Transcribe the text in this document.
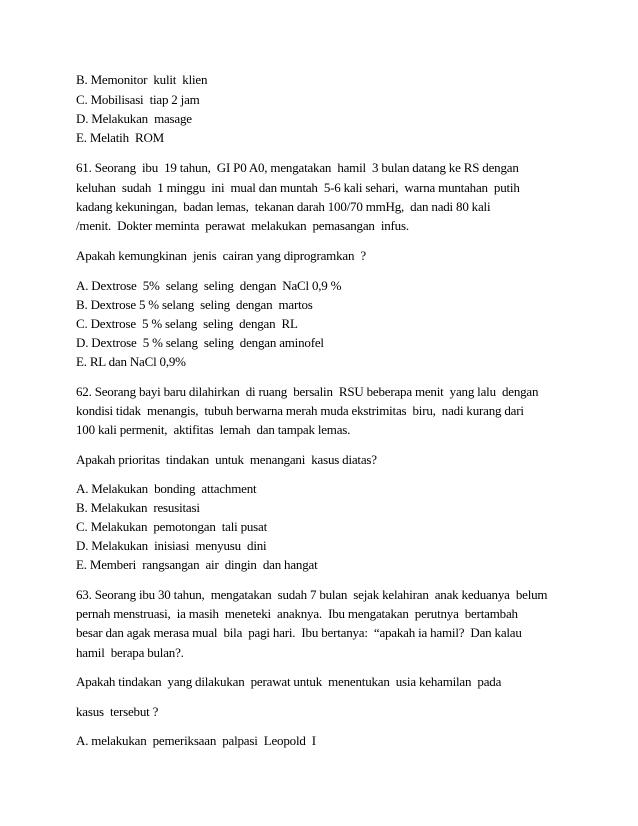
B. Memonitor  kulit  klien
C. Mobilisasi  tiap 2 jam
D. Melakukan  masage
E. Melatih  ROM
61. Seorang  ibu  19 tahun,  GI P0 A0, mengatakan  hamil  3 bulan datang ke RS dengan
keluhan  sudah  1 minggu  ini  mual dan muntah  5-6 kali sehari,  warna muntahan  putih
kadang kekuningan,  badan lemas,  tekanan darah 100/70 mmHg,  dan nadi 80 kali
/menit.  Dokter meminta  perawat  melakukan  pemasangan  infus.
Apakah kemungkinan  jenis  cairan yang diprogramkan  ?
A. Dextrose  5%  selang  seling  dengan  NaCl 0,9 %
B. Dextrose 5 % selang  seling  dengan  martos
C. Dextrose  5 % selang  seling  dengan  RL
D. Dextrose  5 % selang  seling  dengan aminofel
E. RL dan NaCl 0,9%
62. Seorang bayi baru dilahirkan  di ruang  bersalin  RSU beberapa menit  yang lalu  dengan
kondisi tidak  menangis,  tubuh berwarna merah muda ekstrimitas  biru,  nadi kurang dari
100 kali permenit,  aktifitas  lemah  dan tampak lemas.
Apakah prioritas  tindakan  untuk  menangani  kasus diatas?
A. Melakukan  bonding  attachment
B. Melakukan  resusitasi
C. Melakukan  pemotongan  tali pusat
D. Melakukan  inisiasi  menyusu  dini
E. Memberi  rangsangan  air  dingin  dan hangat
63. Seorang ibu 30 tahun,  mengatakan  sudah 7 bulan  sejak kelahiran  anak keduanya  belum
pernah menstruasi,  ia masih  meneteki  anaknya.  Ibu mengatakan  perutnya  bertambah
besar dan agak merasa mual  bila  pagi hari.  Ibu bertanya:  “apakah ia hamil?  Dan kalau
hamil  berapa bulan?.
Apakah tindakan  yang dilakukan  perawat untuk  menentukan  usia kehamilan  pada
kasus  tersebut ?
A. melakukan  pemeriksaan  palpasi  Leopold  I
